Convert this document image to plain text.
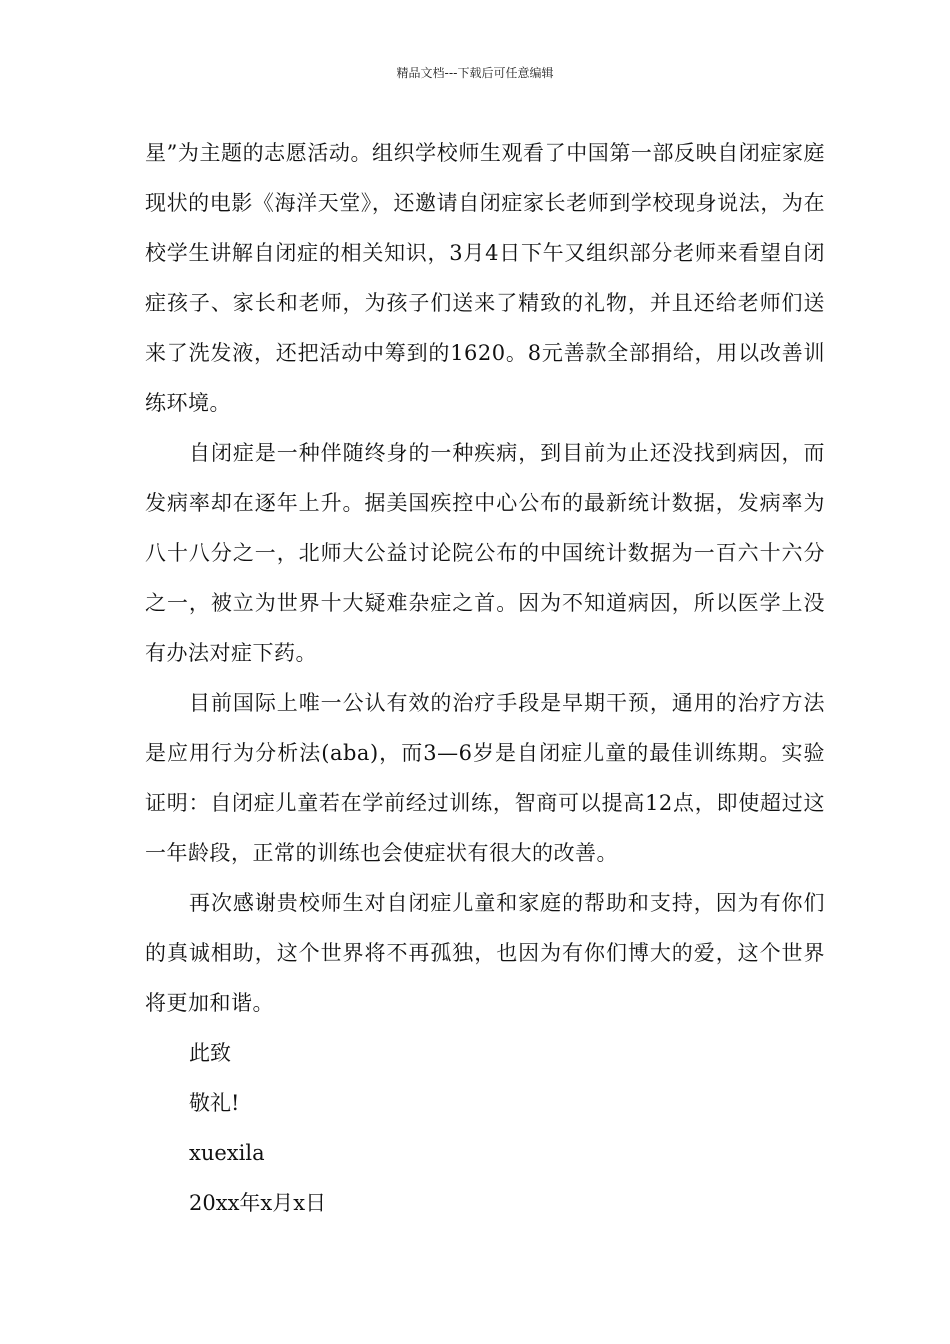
精品文档---下载后可任意编辑

星”为主题的志愿活动。组织学校师生观看了中国第一部反映自闭症家庭现状的电影《海洋天堂》，还邀请自闭症家长老师到学校现身说法，为在校学生讲解自闭症的相关知识，3月4日下午又组织部分老师来看望自闭症孩子、家长和老师，为孩子们送来了精致的礼物，并且还给老师们送来了洗发液，还把活动中筹到的1620。8元善款全部捐给，用以改善训练环境。

自闭症是一种伴随终身的一种疾病，到目前为止还没找到病因，而发病率却在逐年上升。据美国疾控中心公布的最新统计数据，发病率为八十八分之一，北师大公益讨论院公布的中国统计数据为一百六十六分之一，被立为世界十大疑难杂症之首。因为不知道病因，所以医学上没有办法对症下药。

目前国际上唯一公认有效的治疗手段是早期干预，通用的治疗方法是应用行为分析法(aba)，而3—6岁是自闭症儿童的最佳训练期。实验证明：自闭症儿童若在学前经过训练，智商可以提高12点，即使超过这一年龄段，正常的训练也会使症状有很大的改善。

再次感谢贵校师生对自闭症儿童和家庭的帮助和支持，因为有你们的真诚相助，这个世界将不再孤独，也因为有你们博大的爱，这个世界将更加和谐。

此致

敬礼!

xuexila

20xx年x月x日
